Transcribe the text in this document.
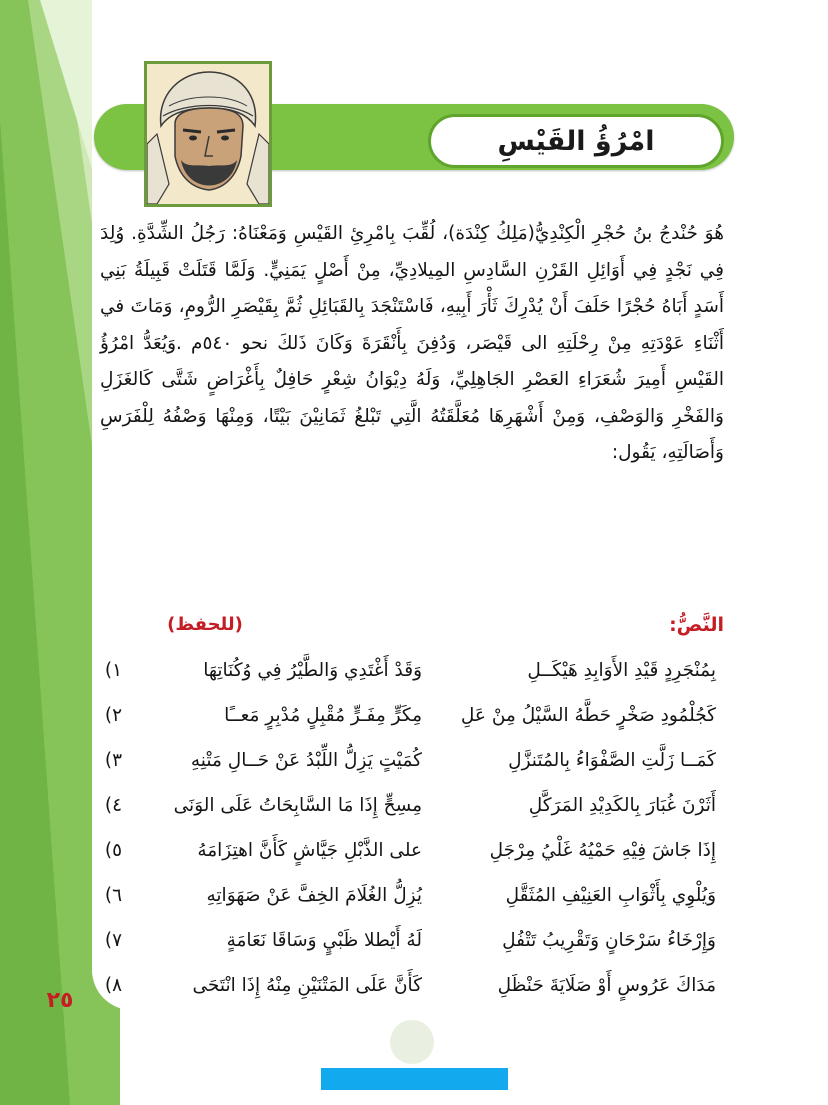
امْرُؤُ القَيْسِ
هُوَ حُنْدجُ بنُ حُجْرِ الْكِنْدِيُّ(مَلِكُ كِنْدَة)، لُقِّبَ بِامْرِئِ القَيْسِ وَمَعْنَاهُ: رَجُلُ الشِّدَّةِ. وُلِدَ فِي نَجْدٍ فِي أَوَائِلِ القَرْنِ السَّادِسِ المِيلادِيِّ، مِنْ أَصْلٍ يَمَنِيٍّ. وَلَمَّا قَتَلَتْ قَبِيلَةُ بَنِي أَسَدٍ أَبَاهُ حُجْرًا حَلَفَ أَنْ يُدْرِكَ ثَأْرَ أَبِيهِ، فَاسْتَنْجَدَ بِالقَبَائِلِ ثُمَّ بِقَيْصَرِ الرُّومِ، وَمَاتَ في أَثْنَاءِ عَوْدَتِهِ مِنْ رِحْلَتِهِ الى قَيْصَر، وَدُفِنَ بِأَنْقَرَةَ وَكَانَ ذَلكَ نحو ٥٤٠م .وَيُعَدُّ امْرُؤُ القَيْسِ أَمِيرَ شُعَرَاءِ العَصْرِ الجَاهِلِيِّ، وَلَهُ دِيْوَانُ شِعْرٍ حَافِلٌ بِأَغْرَاضٍ شَتَّى كَالغَزَلِ وَالفَخْرِ وَالوَصْفِ، وَمِنْ أَشْهَرِهَا مُعَلَّقَتُهُ الَّتِي تَبْلغُ ثَمَانِيْنَ بَيْتًا، وَمِنْهَا وَصْفُهُ لِلْفَرَسِ وَأَصَالَتِهِ، يَقُول:
النَّصُّ:
(للحفظ)
١)	وَقَدْ أَغْتَدِي وَالطَّيْرُ فِي وُكُنَاتِهَا	بِمُنْجَرِدٍ قَيْدِ الأَوَابِدِ هَيْكَــلِ
٢)	مِكَرٍّ مِفَـرٍّ مُقْبِلٍ مُدْبِرٍ مَعــًا	كَجُلْمُودِ صَخْرٍ حَطَّهُ السَّيْلُ مِنْ عَلِ
٣)	كُمَيْتٍ يَزِلُّ اللِّبْدُ عَنْ حَــالِ مَتْنِهِ	كَمَــا زَلَّتِ الصَّفْوَاءُ بِالمُتَنزَّلِ
٤)	مِسِحٍّ إِذَا مَا السَّابِحَاتُ عَلَى الوَنَى	أَثَرْنَ غُبَارَ بِالكَدِيْدِ المَرَكَّلِ
٥)	على الذَّبْلِ جَيَّاشٍ كَأَنَّ اهتِزَامَهُ	إِذَا جَاشَ فِيْهِ حَمْيُهُ غَلْيُ مِرْجَلِ
٦)	يُزِلُّ الغُلَامَ الخِفَّ عَنْ صَهَوَاتِهِ	وَيُلْوِي بِأَثْوَابِ العَنِيْفِ المُثَقَّلِ
٧)	لَهُ أَيْطلا ظَبْيٍ وَسَاقَا نَعَامَةٍ	وَإِرْخَاءُ سَرْحَانٍ وَتَقْرِيبُ تَتْفُلِ
٨)	كَأَنَّ عَلَى المَتْنَيْنِ مِنْهُ إِذَا انْتَحَى	مَدَاكَ عَرُوسٍ أَوْ صَلَايَةَ حَنْظَلِ
٢٥
